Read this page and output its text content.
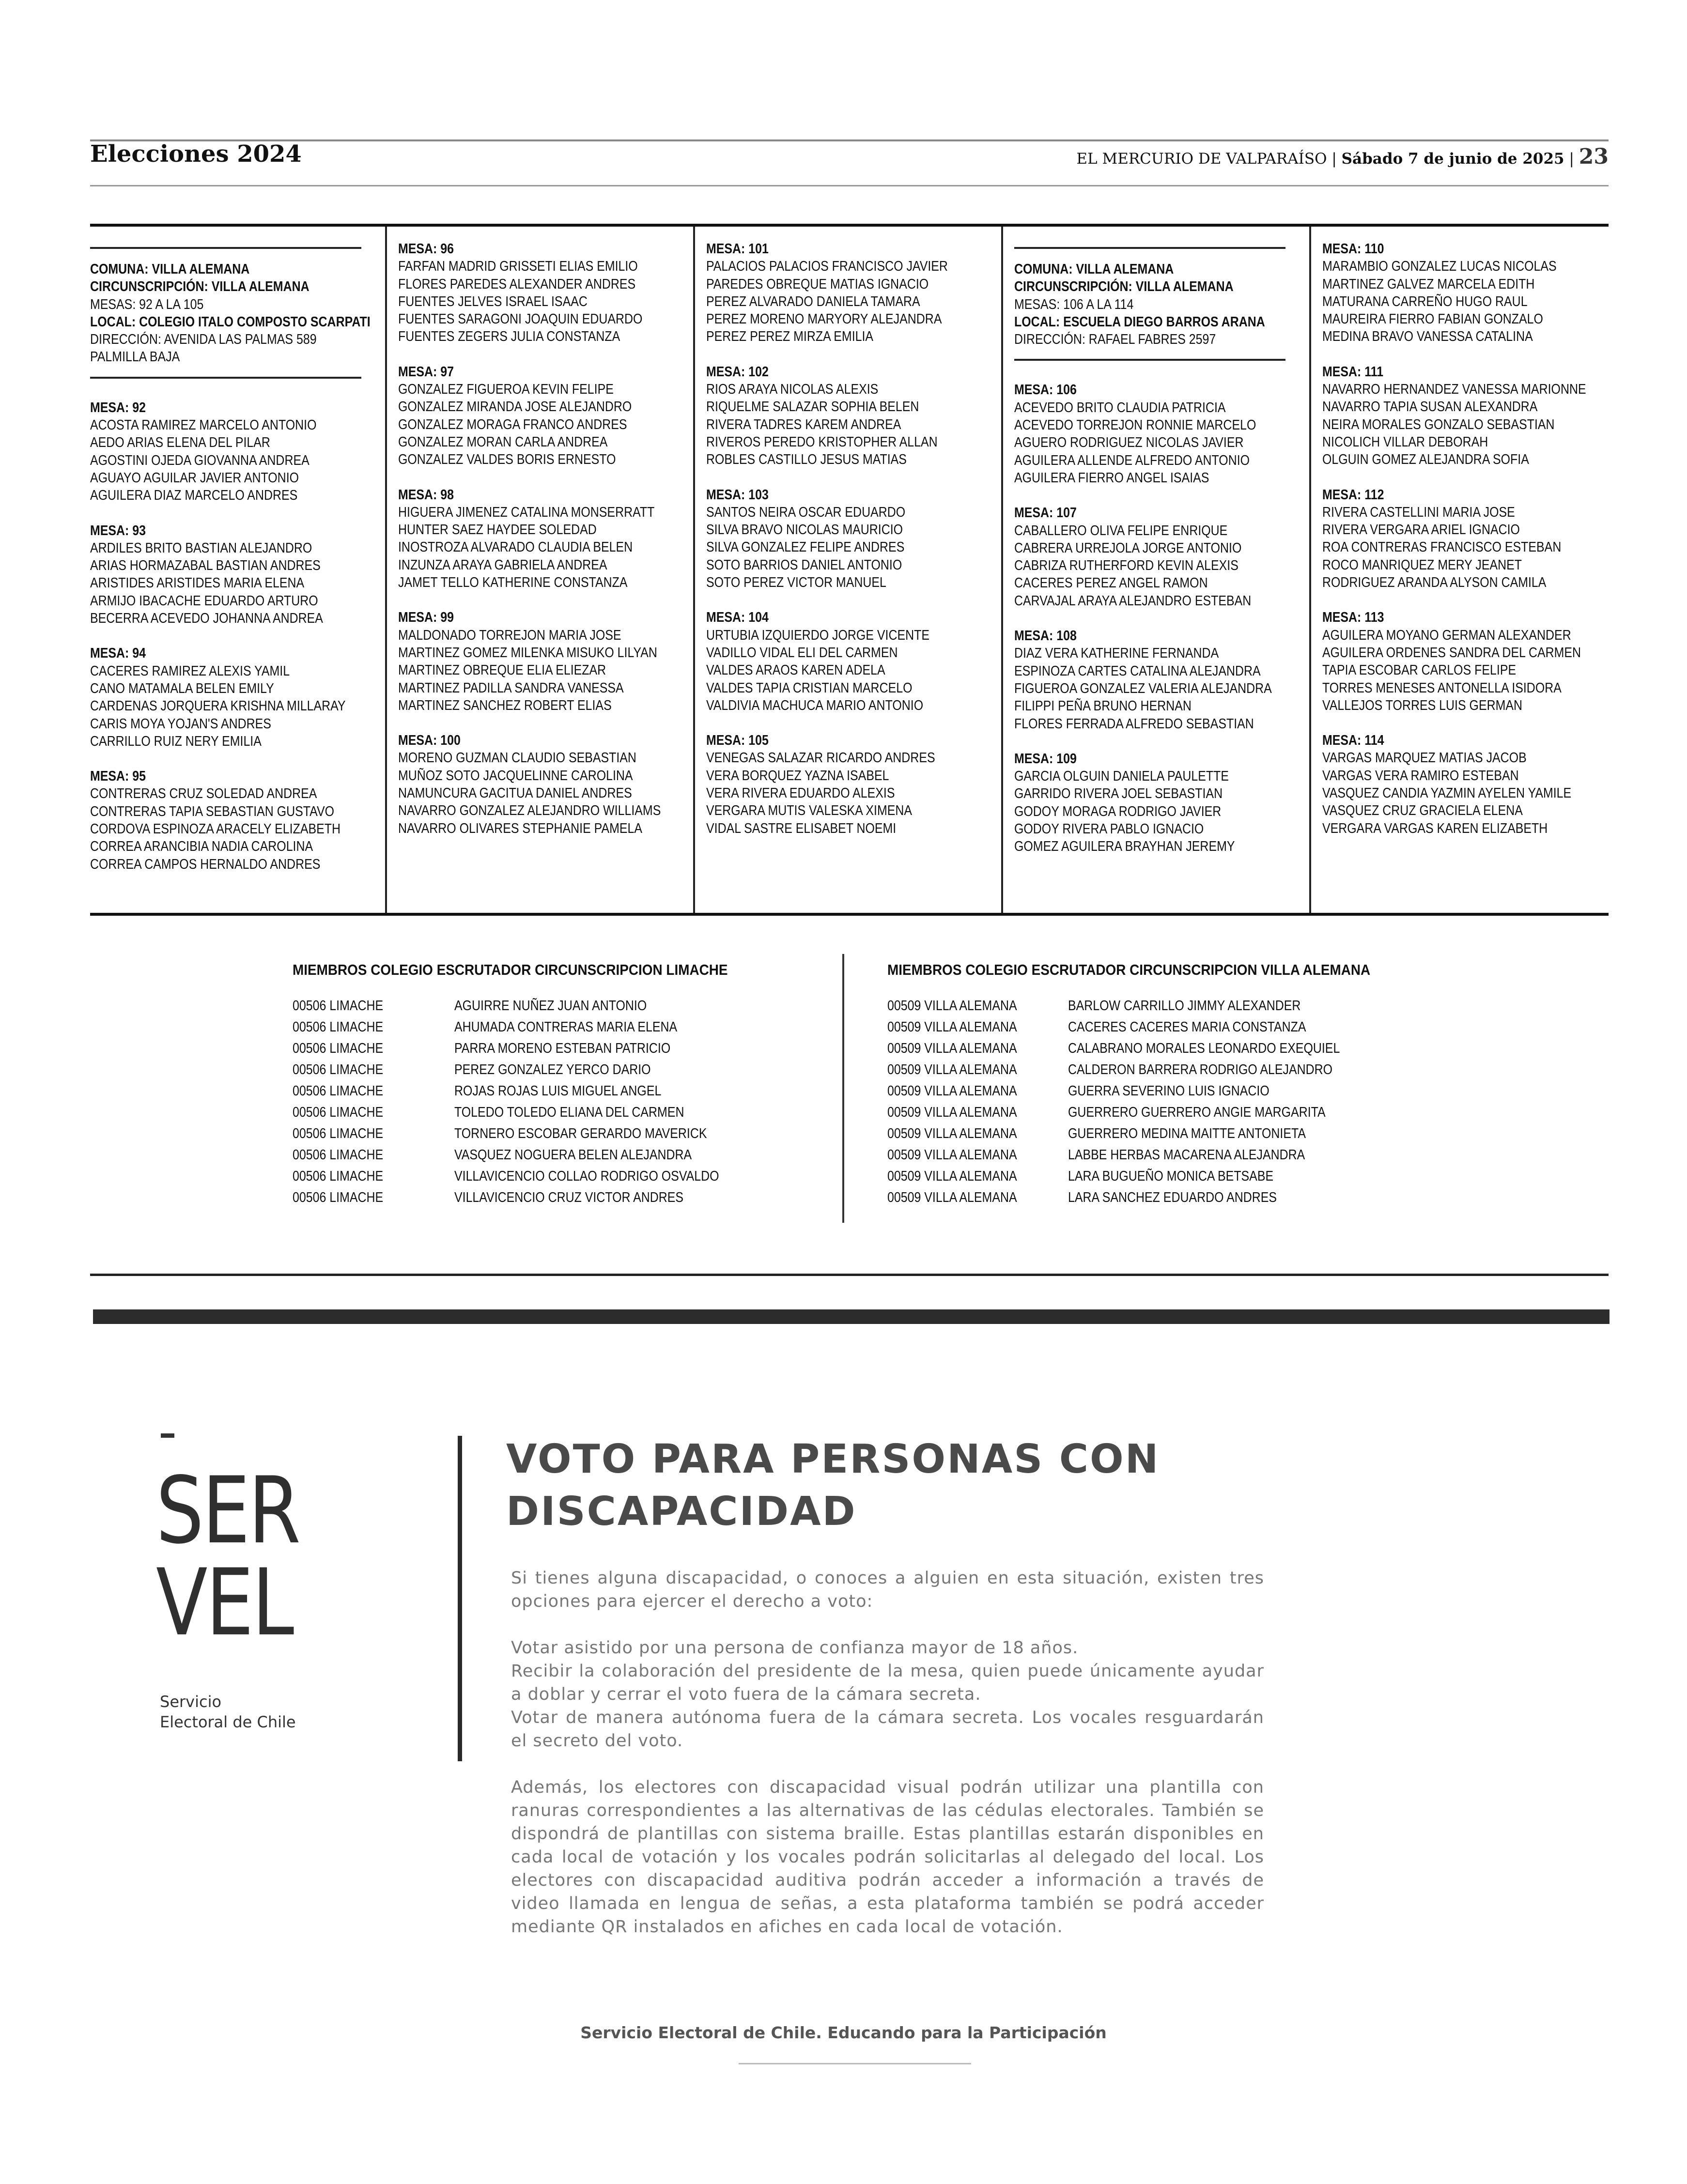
Elecciones 2024	EL MERCURIO DE VALPARAÍSO | Sábado 7 de junio de 2025 | 23
COMUNA: VILLA ALEMANA
CIRCUNSCRIPCIÓN: VILLA ALEMANA
MESAS: 92 A LA 105
LOCAL: COLEGIO ITALO COMPOSTO SCARPATI
DIRECCIÓN: AVENIDA LAS PALMAS 589
PALMILLA BAJA
MESA: 92
ACOSTA RAMIREZ MARCELO ANTONIO
AEDO ARIAS ELENA DEL PILAR
AGOSTINI OJEDA GIOVANNA ANDREA
AGUAYO AGUILAR JAVIER ANTONIO
AGUILERA DIAZ MARCELO ANDRES
MESA: 93
ARDILES BRITO BASTIAN ALEJANDRO
ARIAS HORMAZABAL BASTIAN ANDRES
ARISTIDES ARISTIDES MARIA ELENA
ARMIJO IBACACHE EDUARDO ARTURO
BECERRA ACEVEDO JOHANNA ANDREA
MESA: 94
CACERES RAMIREZ ALEXIS YAMIL
CANO MATAMALA BELEN EMILY
CARDENAS JORQUERA KRISHNA MILLARAY
CARIS MOYA YOJAN'S ANDRES
CARRILLO RUIZ NERY EMILIA
MESA: 95
CONTRERAS CRUZ SOLEDAD ANDREA
CONTRERAS TAPIA SEBASTIAN GUSTAVO
CORDOVA ESPINOZA ARACELY ELIZABETH
CORREA ARANCIBIA NADIA CAROLINA
CORREA CAMPOS HERNALDO ANDRES
MESA: 96
FARFAN MADRID GRISSETI ELIAS EMILIO
FLORES PAREDES ALEXANDER ANDRES
FUENTES JELVES ISRAEL ISAAC
FUENTES SARAGONI JOAQUIN EDUARDO
FUENTES ZEGERS JULIA CONSTANZA
MESA: 97
GONZALEZ FIGUEROA KEVIN FELIPE
GONZALEZ MIRANDA JOSE ALEJANDRO
GONZALEZ MORAGA FRANCO ANDRES
GONZALEZ MORAN CARLA ANDREA
GONZALEZ VALDES BORIS ERNESTO
MESA: 98
HIGUERA JIMENEZ CATALINA MONSERRATT
HUNTER SAEZ HAYDEE SOLEDAD
INOSTROZA ALVARADO CLAUDIA BELEN
INZUNZA ARAYA GABRIELA ANDREA
JAMET TELLO KATHERINE CONSTANZA
MESA: 99
MALDONADO TORREJON MARIA JOSE
MARTINEZ GOMEZ MILENKA MISUKO LILYAN
MARTINEZ OBREQUE ELIA ELIEZAR
MARTINEZ PADILLA SANDRA VANESSA
MARTINEZ SANCHEZ ROBERT ELIAS
MESA: 100
MORENO GUZMAN CLAUDIO SEBASTIAN
MUÑOZ SOTO JACQUELINNE CAROLINA
NAMUNCURA GACITUA DANIEL ANDRES
NAVARRO GONZALEZ ALEJANDRO WILLIAMS
NAVARRO OLIVARES STEPHANIE PAMELA
MESA: 101
PALACIOS PALACIOS FRANCISCO JAVIER
PAREDES OBREQUE MATIAS IGNACIO
PEREZ ALVARADO DANIELA TAMARA
PEREZ MORENO MARYORY ALEJANDRA
PEREZ PEREZ MIRZA EMILIA
MESA: 102
RIOS ARAYA NICOLAS ALEXIS
RIQUELME SALAZAR SOPHIA BELEN
RIVERA TADRES KAREM ANDREA
RIVEROS PEREDO KRISTOPHER ALLAN
ROBLES CASTILLO JESUS MATIAS
MESA: 103
SANTOS NEIRA OSCAR EDUARDO
SILVA BRAVO NICOLAS MAURICIO
SILVA GONZALEZ FELIPE ANDRES
SOTO BARRIOS DANIEL ANTONIO
SOTO PEREZ VICTOR MANUEL
MESA: 104
URTUBIA IZQUIERDO JORGE VICENTE
VADILLO VIDAL ELI DEL CARMEN
VALDES ARAOS KAREN ADELA
VALDES TAPIA CRISTIAN MARCELO
VALDIVIA MACHUCA MARIO ANTONIO
MESA: 105
VENEGAS SALAZAR RICARDO ANDRES
VERA BORQUEZ YAZNA ISABEL
VERA RIVERA EDUARDO ALEXIS
VERGARA MUTIS VALESKA XIMENA
VIDAL SASTRE ELISABET NOEMI
COMUNA: VILLA ALEMANA
CIRCUNSCRIPCIÓN: VILLA ALEMANA
MESAS: 106 A LA 114
LOCAL: ESCUELA DIEGO BARROS ARANA
DIRECCIÓN: RAFAEL FABRES 2597
MESA: 106
ACEVEDO BRITO CLAUDIA PATRICIA
ACEVEDO TORREJON RONNIE MARCELO
AGUERO RODRIGUEZ NICOLAS JAVIER
AGUILERA ALLENDE ALFREDO ANTONIO
AGUILERA FIERRO ANGEL ISAIAS
MESA: 107
CABALLERO OLIVA FELIPE ENRIQUE
CABRERA URREJOLA JORGE ANTONIO
CABRIZA RUTHERFORD KEVIN ALEXIS
CACERES PEREZ ANGEL RAMON
CARVAJAL ARAYA ALEJANDRO ESTEBAN
MESA: 108
DIAZ VERA KATHERINE FERNANDA
ESPINOZA CARTES CATALINA ALEJANDRA
FIGUEROA GONZALEZ VALERIA ALEJANDRA
FILIPPI PEÑA BRUNO HERNAN
FLORES FERRADA ALFREDO SEBASTIAN
MESA: 109
GARCIA OLGUIN DANIELA PAULETTE
GARRIDO RIVERA JOEL SEBASTIAN
GODOY MORAGA RODRIGO JAVIER
GODOY RIVERA PABLO IGNACIO
GOMEZ AGUILERA BRAYHAN JEREMY
MESA: 110
MARAMBIO GONZALEZ LUCAS NICOLAS
MARTINEZ GALVEZ MARCELA EDITH
MATURANA CARREÑO HUGO RAUL
MAUREIRA FIERRO FABIAN GONZALO
MEDINA BRAVO VANESSA CATALINA
MESA: 111
NAVARRO HERNANDEZ VANESSA MARIONNE
NAVARRO TAPIA SUSAN ALEXANDRA
NEIRA MORALES GONZALO SEBASTIAN
NICOLICH VILLAR DEBORAH
OLGUIN GOMEZ ALEJANDRA SOFIA
MESA: 112
RIVERA CASTELLINI MARIA JOSE
RIVERA VERGARA ARIEL IGNACIO
ROA CONTRERAS FRANCISCO ESTEBAN
ROCO MANRIQUEZ MERY JEANET
RODRIGUEZ ARANDA ALYSON CAMILA
MESA: 113
AGUILERA MOYANO GERMAN ALEXANDER
AGUILERA ORDENES SANDRA DEL CARMEN
TAPIA ESCOBAR CARLOS FELIPE
TORRES MENESES ANTONELLA ISIDORA
VALLEJOS TORRES LUIS GERMAN
MESA: 114
VARGAS MARQUEZ MATIAS JACOB
VARGAS VERA RAMIRO ESTEBAN
VASQUEZ CANDIA YAZMIN AYELEN YAMILE
VASQUEZ CRUZ GRACIELA ELENA
VERGARA VARGAS KAREN ELIZABETH
MIEMBROS COLEGIO ESCRUTADOR CIRCUNSCRIPCION LIMACHE
00506 LIMACHE	AGUIRRE NUÑEZ JUAN ANTONIO
00506 LIMACHE	AHUMADA CONTRERAS MARIA ELENA
00506 LIMACHE	PARRA MORENO ESTEBAN PATRICIO
00506 LIMACHE	PEREZ GONZALEZ YERCO DARIO
00506 LIMACHE	ROJAS ROJAS LUIS MIGUEL ANGEL
00506 LIMACHE	TOLEDO TOLEDO ELIANA DEL CARMEN
00506 LIMACHE	TORNERO ESCOBAR GERARDO MAVERICK
00506 LIMACHE	VASQUEZ NOGUERA BELEN ALEJANDRA
00506 LIMACHE	VILLAVICENCIO COLLAO RODRIGO OSVALDO
00506 LIMACHE	VILLAVICENCIO CRUZ VICTOR ANDRES
MIEMBROS COLEGIO ESCRUTADOR CIRCUNSCRIPCION VILLA ALEMANA
00509 VILLA ALEMANA	BARLOW CARRILLO JIMMY ALEXANDER
00509 VILLA ALEMANA	CACERES CACERES MARIA CONSTANZA
00509 VILLA ALEMANA	CALABRANO MORALES LEONARDO EXEQUIEL
00509 VILLA ALEMANA	CALDERON BARRERA RODRIGO ALEJANDRO
00509 VILLA ALEMANA	GUERRA SEVERINO LUIS IGNACIO
00509 VILLA ALEMANA	GUERRERO GUERRERO ANGIE MARGARITA
00509 VILLA ALEMANA	GUERRERO MEDINA MAITTE ANTONIETA
00509 VILLA ALEMANA	LABBE HERBAS MACARENA ALEJANDRA
00509 VILLA ALEMANA	LARA BUGUEÑO MONICA BETSABE
00509 VILLA ALEMANA	LARA SANCHEZ EDUARDO ANDRES
SER
VEL
Servicio
Electoral de Chile
VOTO PARA PERSONAS CON
DISCAPACIDAD

Si tienes alguna discapacidad, o conoces a alguien en esta situación, existen tres opciones para ejercer el derecho a voto:

Votar asistido por una persona de confianza mayor de 18 años.

Recibir la colaboración del presidente de la mesa, quien puede únicamente ayudar a doblar y cerrar el voto fuera de la cámara secreta.

Votar de manera autónoma fuera de la cámara secreta. Los vocales resguardarán el secreto del voto.

Además, los electores con discapacidad visual podrán utilizar una plantilla con ranuras correspondientes a las alternativas de las cédulas electorales. También se dispondrá de plantillas con sistema braille. Estas plantillas estarán disponibles en cada local de votación y los vocales podrán solicitarlas al delegado del local. Los electores con discapacidad auditiva podrán acceder a información a través de video llamada en lengua de señas, a esta plataforma también se podrá acceder mediante QR instalados en afiches en cada local de votación.

Servicio Electoral de Chile. Educando para la Participación
